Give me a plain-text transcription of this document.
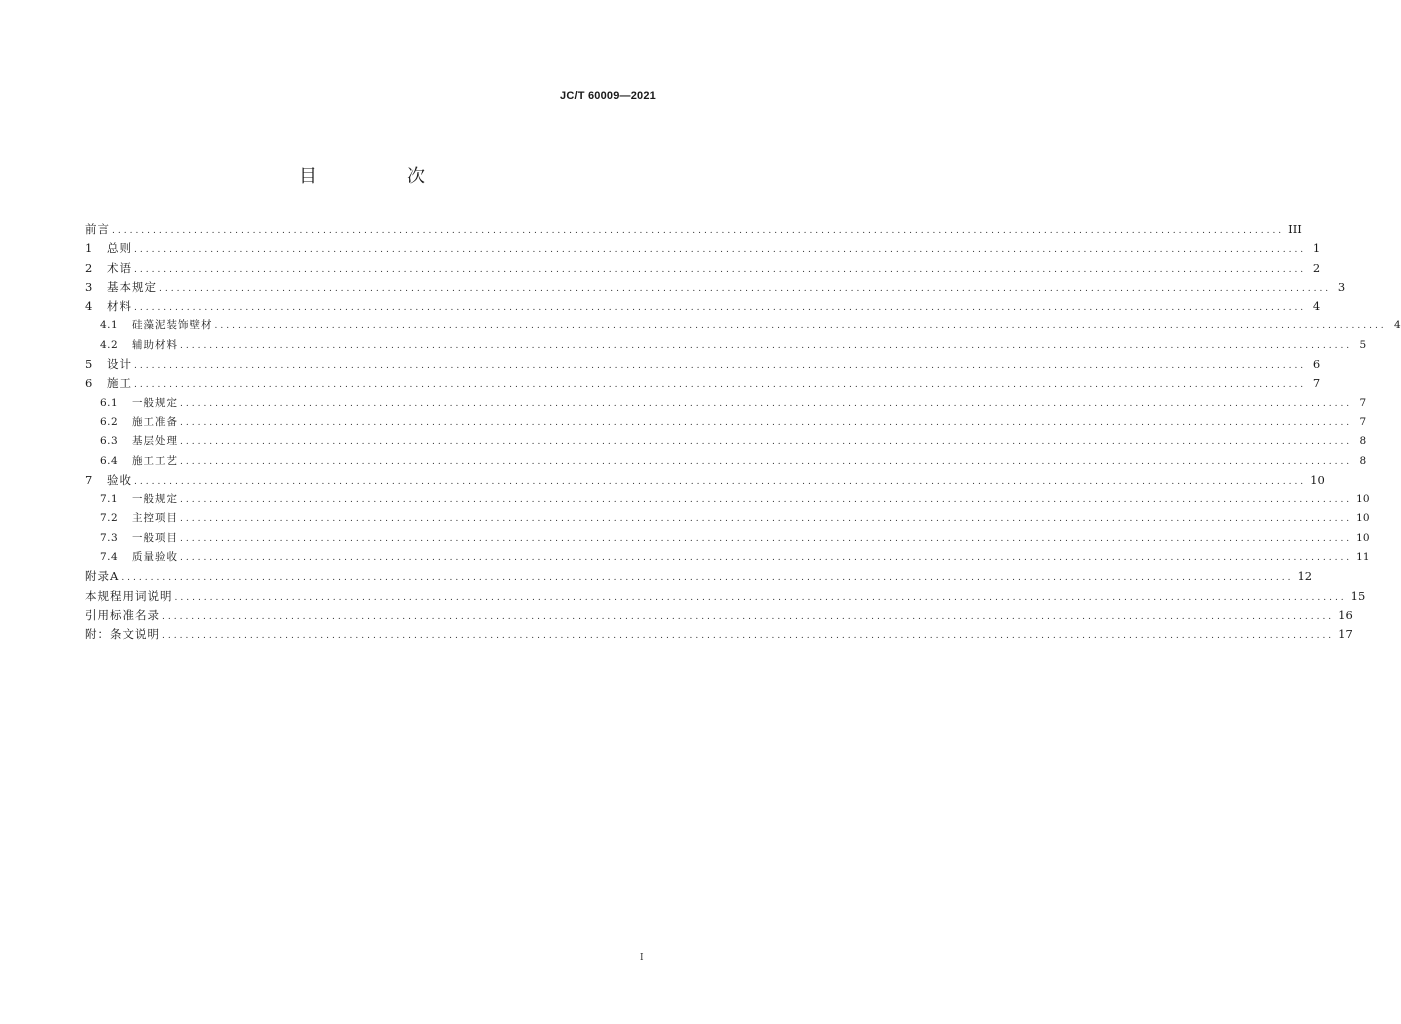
JC/T 60009—2021
目　次
前言 ........................................................................................................................................................................................................ III
1	总则 ........................................................................................................................................................................................................ 1
2	术语 ........................................................................................................................................................................................................ 2
3	基本规定 ........................................................................................................................................................................................................ 3
4	材料 ........................................................................................................................................................................................................ 4
4.1	硅藻泥装饰壁材 ........................................................................................................................................................................................................ 4
4.2	辅助材料 ........................................................................................................................................................................................................ 5
5	设计 ........................................................................................................................................................................................................ 6
6	施工 ........................................................................................................................................................................................................ 7
6.1	一般规定 ........................................................................................................................................................................................................ 7
6.2	施工准备 ........................................................................................................................................................................................................ 7
6.3	基层处理 ........................................................................................................................................................................................................ 8
6.4	施工工艺 ........................................................................................................................................................................................................ 8
7	验收 ........................................................................................................................................................................................................ 10
7.1	一般规定 ........................................................................................................................................................................................................ 10
7.2	主控项目 ........................................................................................................................................................................................................ 10
7.3	一般项目 ........................................................................................................................................................................................................ 10
7.4	质量验收 ........................................................................................................................................................................................................ 11
附录A ........................................................................................................................................................................................................ 12
本规程用词说明 ........................................................................................................................................................................................................ 15
引用标准名录 ........................................................................................................................................................................................................ 16
附：条文说明 ........................................................................................................................................................................................................ 17
I
